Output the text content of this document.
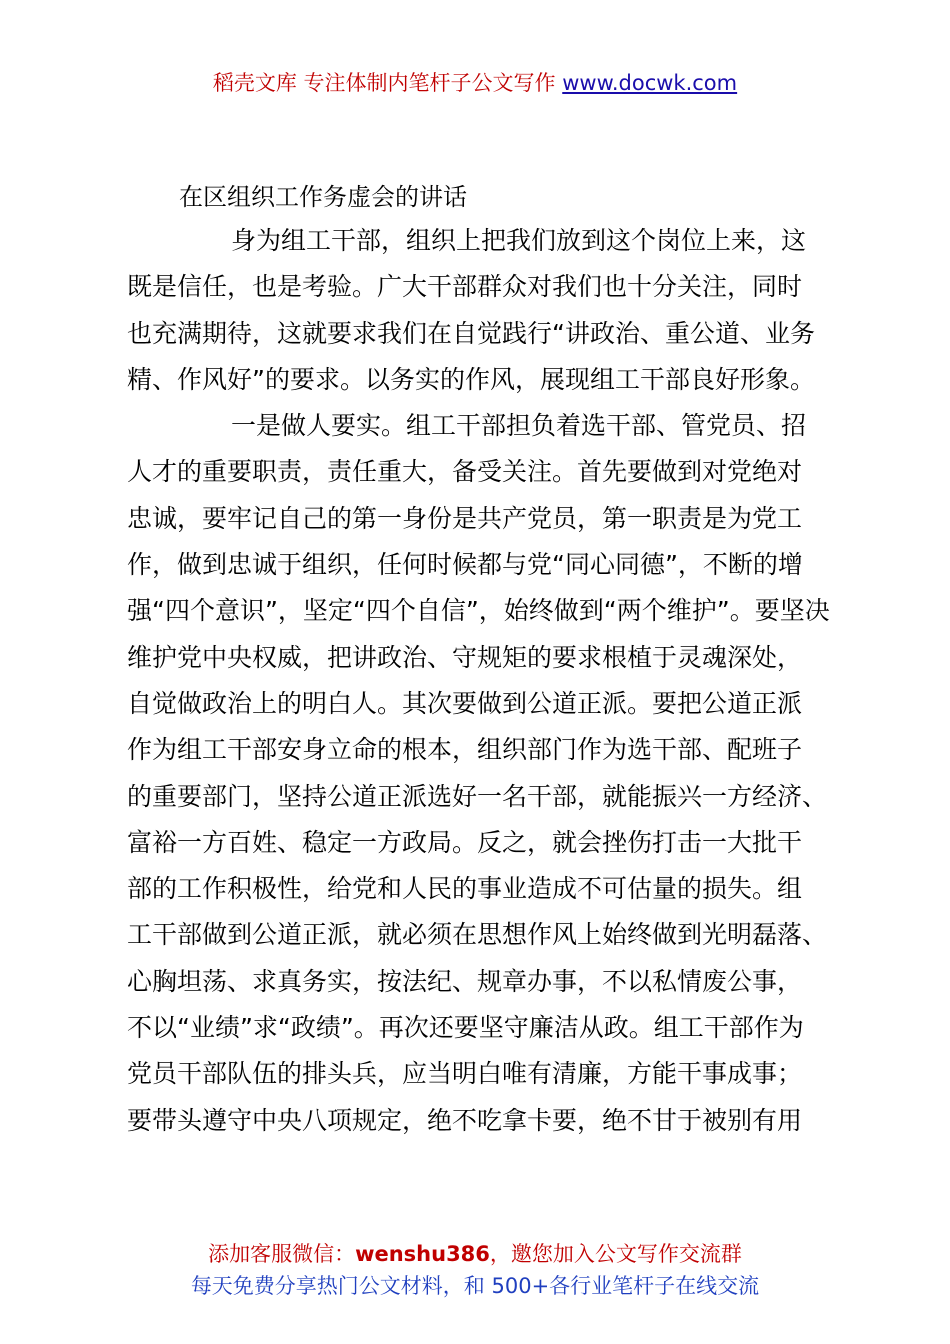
稻壳文库 专注体制内笔杆子公文写作 www.docwk.com
在区组织工作务虚会的讲话
身为组工干部，组织上把我们放到这个岗位上来，这
既是信任，也是考验。广大干部群众对我们也十分关注，同时
也充满期待，这就要求我们在自觉践行“讲政治、重公道、业务
精、作风好”的要求。以务实的作风，展现组工干部良好形象。
一是做人要实。组工干部担负着选干部、管党员、招
人才的重要职责，责任重大，备受关注。首先要做到对党绝对
忠诚，要牢记自己的第一身份是共产党员，第一职责是为党工
作，做到忠诚于组织，任何时候都与党“同心同德”，不断的增
强“四个意识”，坚定“四个自信”，始终做到“两个维护”。要坚决
维护党中央权威，把讲政治、守规矩的要求根植于灵魂深处，
自觉做政治上的明白人。其次要做到公道正派。要把公道正派
作为组工干部安身立命的根本，组织部门作为选干部、配班子
的重要部门，坚持公道正派选好一名干部，就能振兴一方经济、
富裕一方百姓、稳定一方政局。反之，就会挫伤打击一大批干
部的工作积极性，给党和人民的事业造成不可估量的损失。组
工干部做到公道正派，就必须在思想作风上始终做到光明磊落、
心胸坦荡、求真务实，按法纪、规章办事，不以私情废公事，
不以“业绩”求“政绩”。再次还要坚守廉洁从政。组工干部作为
党员干部队伍的排头兵，应当明白唯有清廉，方能干事成事；
要带头遵守中央八项规定，绝不吃拿卡要，绝不甘于被别有用
添加客服微信：wenshu386，邀您加入公文写作交流群
每天免费分享热门公文材料，和 500+各行业笔杆子在线交流
